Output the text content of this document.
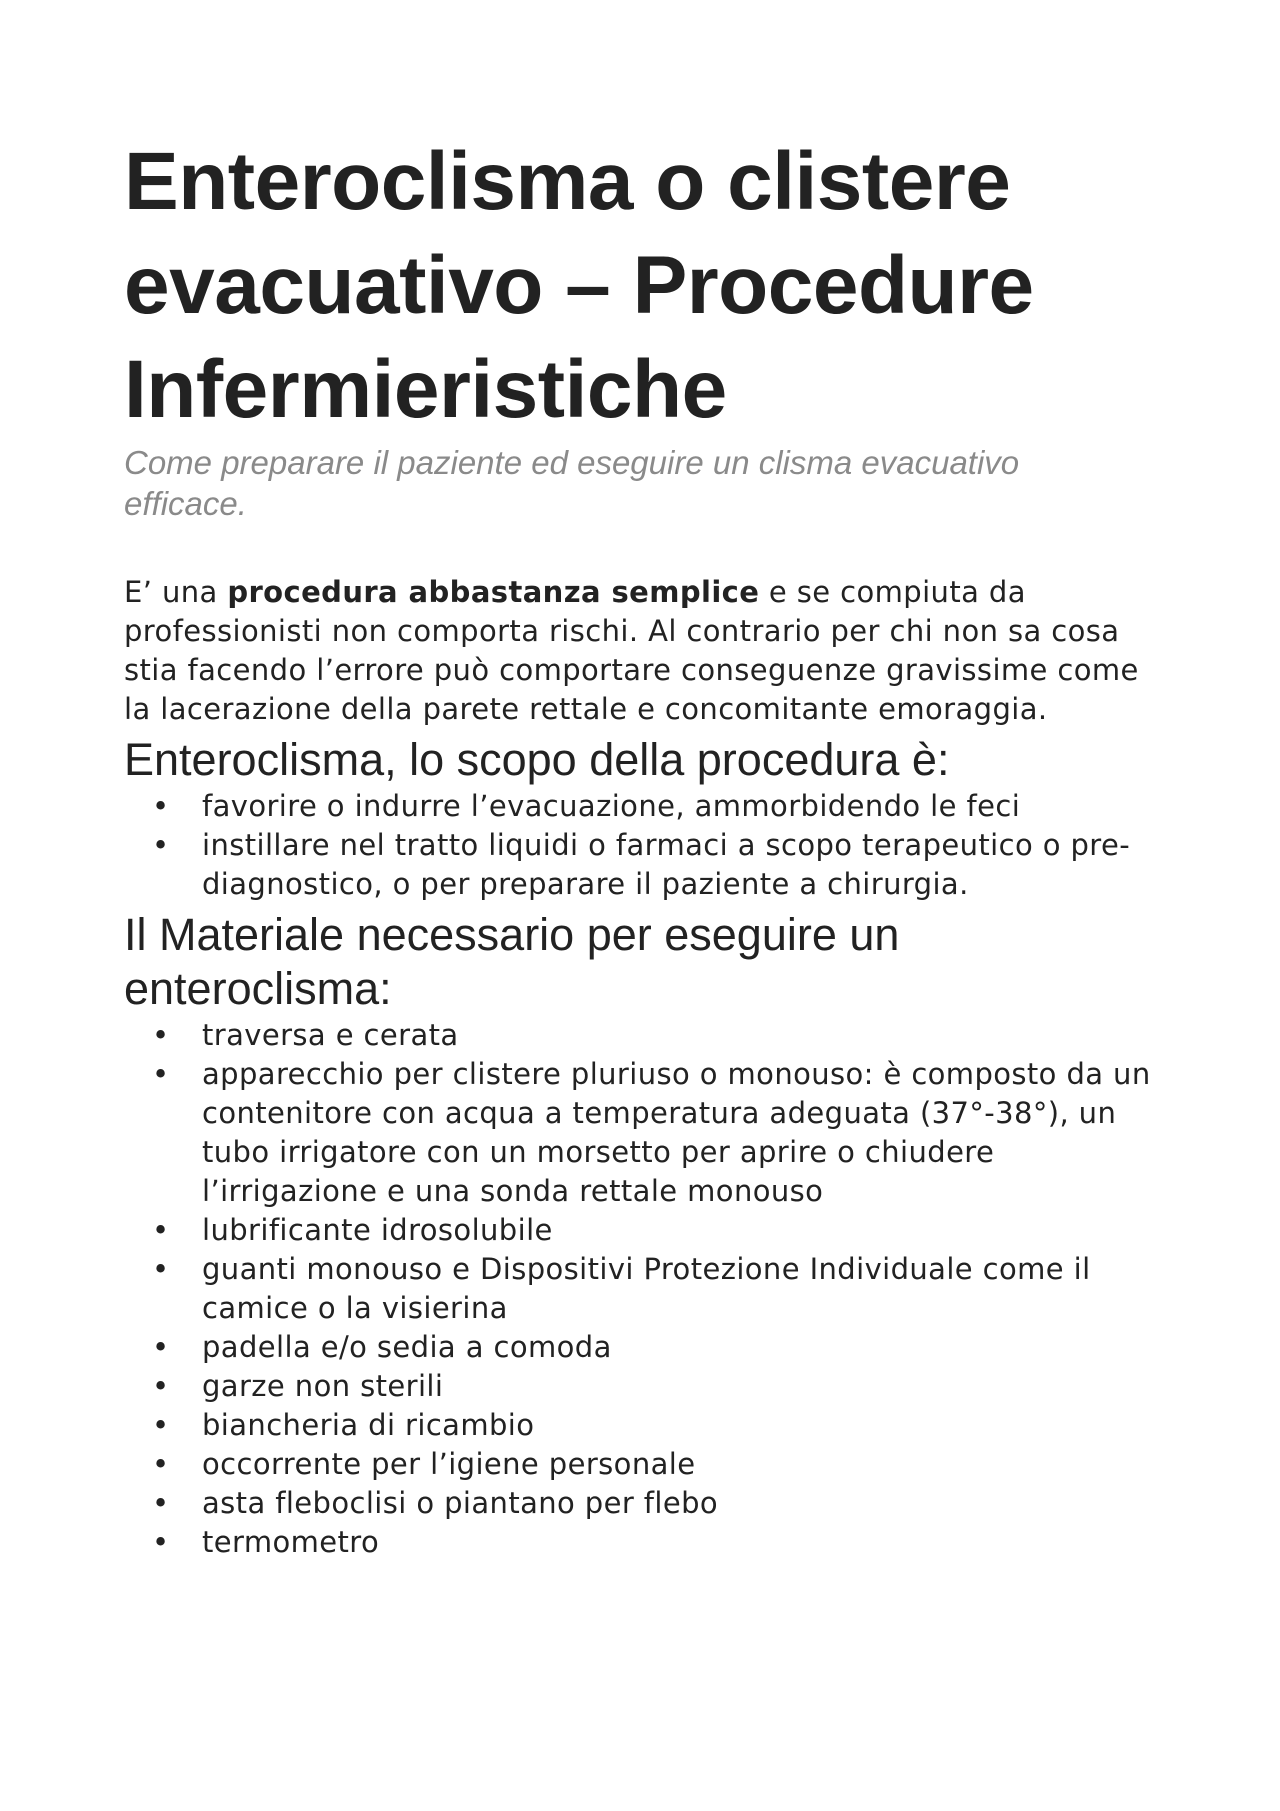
Enteroclisma o clistere
evacuativo – Procedure
Infermieristiche

Come preparare il paziente ed eseguire un clisma evacuativo efficace.

E’ una procedura abbastanza semplice e se compiuta da professionisti non comporta rischi. Al contrario per chi non sa cosa stia facendo l’errore può comportare conseguenze gravissime come la lacerazione della parete rettale e concomitante emoraggia.

Enteroclisma, lo scopo della procedura è:
• favorire o indurre l’evacuazione, ammorbidendo le feci
• instillare nel tratto liquidi o farmaci a scopo terapeutico o pre-diagnostico, o per preparare il paziente a chirurgia.
Il Materiale necessario per eseguire un enteroclisma:
• traversa e cerata
• apparecchio per clistere pluriuso o monouso: è composto da un contenitore con acqua a temperatura adeguata (37°-38°), un tubo irrigatore con un morsetto per aprire o chiudere l’irrigazione e una sonda rettale monouso
• lubrificante idrosolubile
• guanti monouso e Dispositivi Protezione Individuale come il camice o la visierina
• padella e/o sedia a comoda
• garze non sterili
• biancheria di ricambio
• occorrente per l’igiene personale
• asta fleboclisi o piantano per flebo
• termometro
